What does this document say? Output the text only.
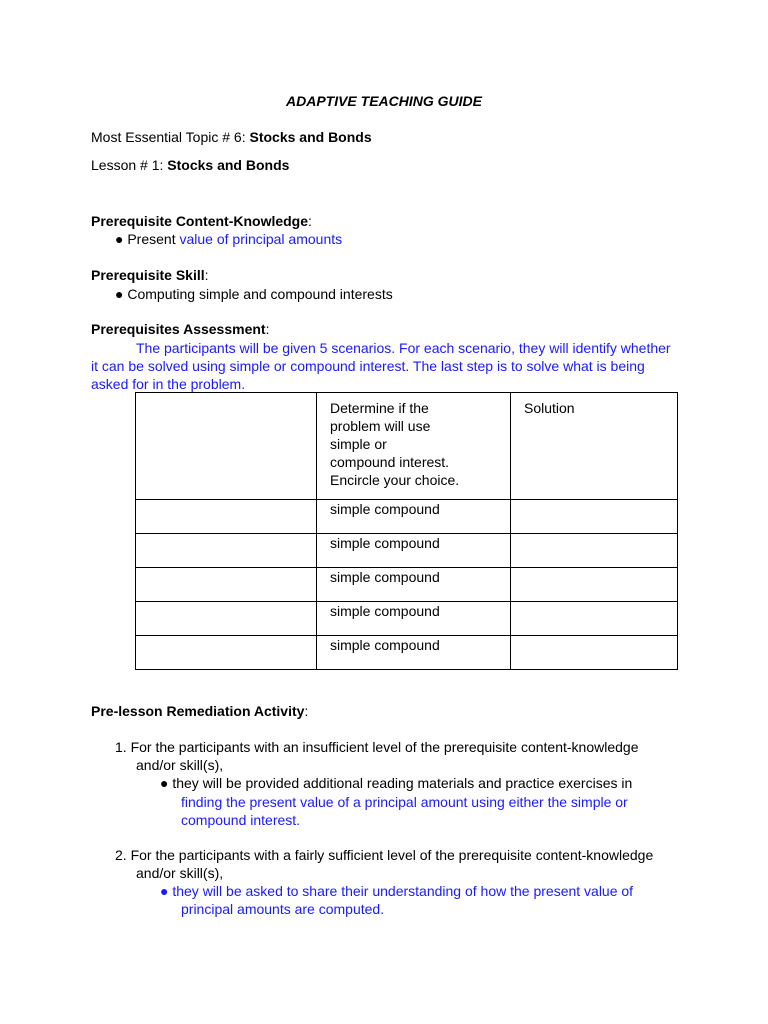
ADAPTIVE TEACHING GUIDE
Most Essential Topic # 6: Stocks and Bonds
Lesson # 1: Stocks and Bonds
Prerequisite Content-Knowledge:
● Present value of principal amounts
Prerequisite Skill:
● Computing simple and compound interests
Prerequisites Assessment:
The participants will be given 5 scenarios. For each scenario, they will identify whether it can be solved using simple or compound interest. The last step is to solve what is being asked for in the problem.

	Determine if the
problem will use
simple or
compound interest.
Encircle your choice.	Solution
	simple compound	
	simple compound	
	simple compound	
	simple compound	
	simple compound	
Pre-lesson Remediation Activity:
1. For the participants with an insufficient level of the prerequisite content-knowledge
and/or skill(s),
● they will be provided additional reading materials and practice exercises in
finding the present value of a principal amount using either the simple or
compound interest.
2. For the participants with a fairly sufficient level of the prerequisite content-knowledge
and/or skill(s),
● they will be asked to share their understanding of how the present value of
principal amounts are computed.
